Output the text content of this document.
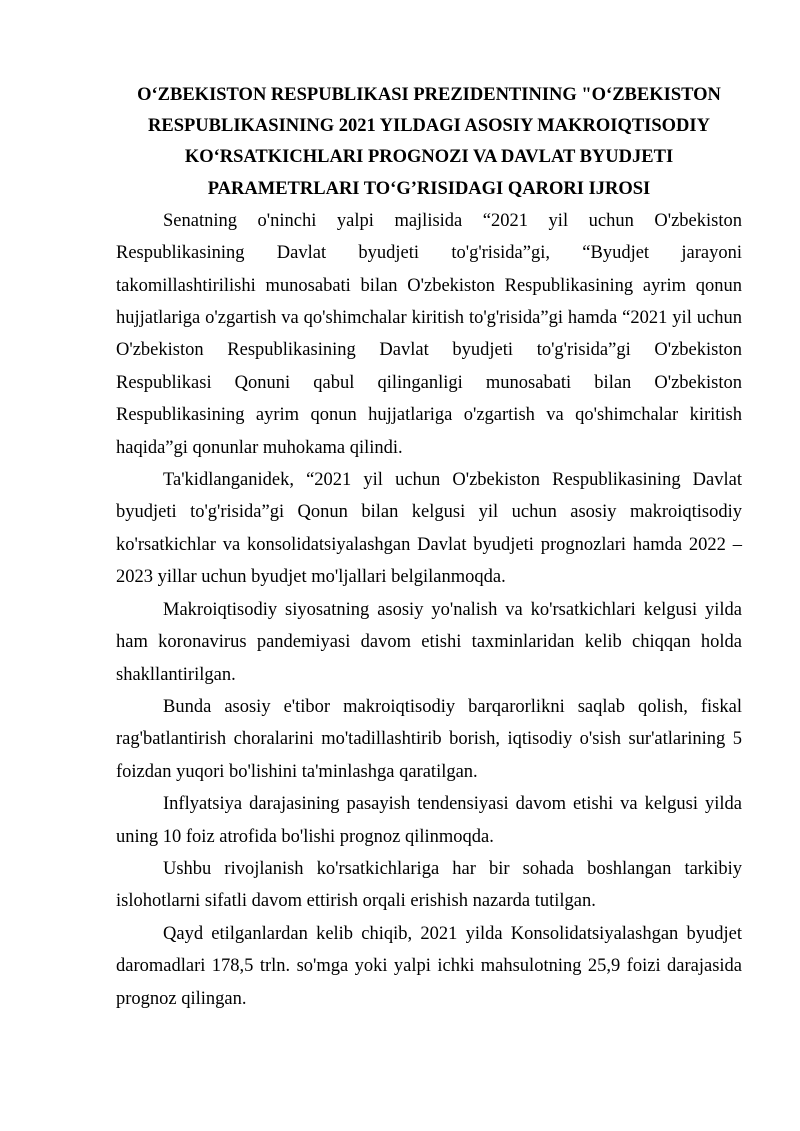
O‘ZBEKISTON RESPUBLIKASI PREZIDENTINING "O‘ZBEKISTON
RESPUBLIKASINING 2021 YILDAGI ASOSIY MAKROIQTISODIY
KO‘RSATKICHLARI PROGNOZI VA DAVLAT BYUDJETI
PARAMETRLARI TO‘G’RISIDAGI QARORI IJROSI

Senatning o'ninchi yalpi majlisida “2021 yil uchun O'zbekiston Respublikasining Davlat byudjeti to'g'risida”gi, “Byudjet jarayoni takomillashtirilishi munosabati bilan O'zbekiston Respublikasining ayrim qonun hujjatlariga o'zgartish va qo'shimchalar kiritish to'g'risida”gi hamda “2021 yil uchun O'zbekiston Respublikasining Davlat byudjeti to'g'risida”gi O'zbekiston Respublikasi Qonuni qabul qilinganligi munosabati bilan O'zbekiston Respublikasining ayrim qonun hujjatlariga o'zgartish va qo'shimchalar kiritish haqida”gi qonunlar muhokama qilindi.

Ta'kidlanganidek, “2021 yil uchun O'zbekiston Respublikasining Davlat byudjeti to'g'risida”gi Qonun bilan kelgusi yil uchun asosiy makroiqtisodiy ko'rsatkichlar va konsolidatsiyalashgan Davlat byudjeti prognozlari hamda 2022 – 2023 yillar uchun byudjet mo'ljallari belgilanmoqda.

Makroiqtisodiy siyosatning asosiy yo'nalish va ko'rsatkichlari kelgusi yilda ham koronavirus pandemiyasi davom etishi taxminlaridan kelib chiqqan holda shakllantirilgan.

Bunda asosiy e'tibor makroiqtisodiy barqarorlikni saqlab qolish, fiskal rag'batlantirish choralarini mo'tadillashtirib borish, iqtisodiy o'sish sur'atlarining 5 foizdan yuqori bo'lishini ta'minlashga qaratilgan.

Inflyatsiya darajasining pasayish tendensiyasi davom etishi va kelgusi yilda uning 10 foiz atrofida bo'lishi prognoz qilinmoqda.

Ushbu rivojlanish ko'rsatkichlariga har bir sohada boshlangan tarkibiy islohotlarni sifatli davom ettirish orqali erishish nazarda tutilgan.

Qayd etilganlardan kelib chiqib, 2021 yilda Konsolidatsiyalashgan byudjet daromadlari 178,5 trln. so'mga yoki yalpi ichki mahsulotning 25,9 foizi darajasida prognoz qilingan.
